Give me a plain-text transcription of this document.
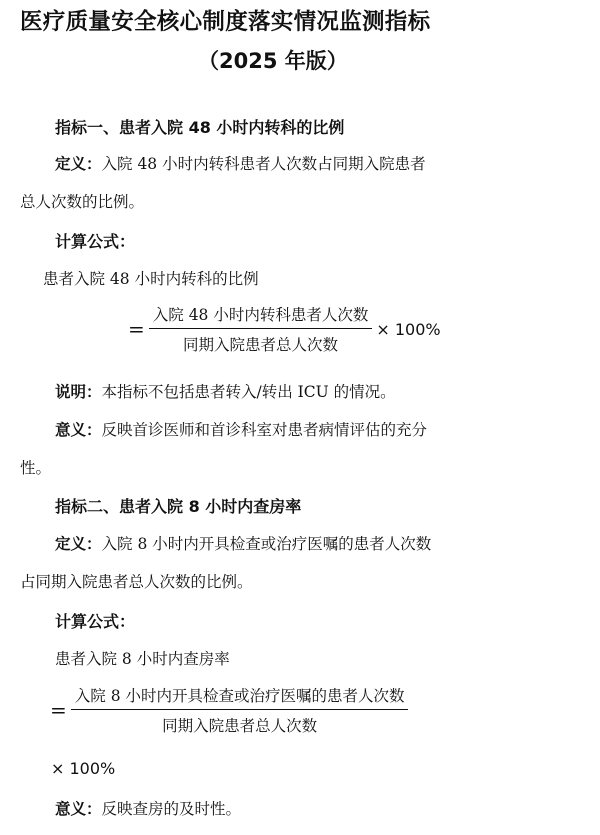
医疗质量安全核心制度落实情况监测指标
（2025 年版）
指标一、患者入院 48 小时内转科的比例
定义：入院 48 小时内转科患者人次数占同期入院患者
总人次数的比例。
计算公式：
患者入院 48 小时内转科的比例
= $\frac{\text{入院 48 小时内转科患者人次数}}{\text{同期入院患者总人次数}} \times 100\%$
说明：本指标不包括患者转入/转出 ICU 的情况。
意义：反映首诊医师和首诊科室对患者病情评估的充分
性。
指标二、患者入院 8 小时内查房率
定义：入院 8 小时内开具检查或治疗医嘱的患者人次数
占同期入院患者总人次数的比例。
计算公式：
患者入院 8 小时内查房率
= $\frac{\text{入院 8 小时内开具检查或治疗医嘱的患者人次数}}{\text{同期入院患者总人次数}}$
× 100%
意义：反映查房的及时性。
